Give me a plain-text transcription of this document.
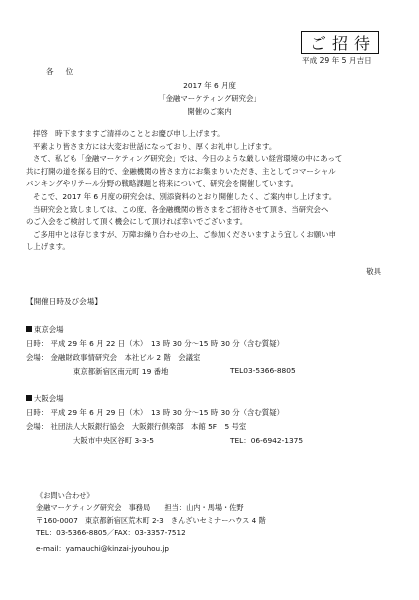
ご招待
平成 29 年 5 月吉日
各位
2017 年 6 月度
「金融マーケティング研究会」
開催のご案内

拝啓　時下ますますご清祥のこととお慶び申し上げます。

平素より皆さま方には大変お世話になっており、厚くお礼申し上げます。

さて、私ども「金融マーケティング研究会」では、今日のような厳しい経営環境の中にあって

共に打開の道を探る目的で、金融機関の皆さま方にお集まりいただき、主としてコマーシャル

バンキングやリテール分野の戦略課題と将来について、研究会を開催しています。

そこで、2017 年 6 月度の研究会は、別添資料のとおり開催したく、ご案内申し上げます。

当研究会と致しましては、この度、各金融機関の皆さまをご招待させて頂き、当研究会へ

のご入会をご検討して頂く機会にして頂ければ幸いでございます。

ご多用中とは存じますが、万障お繰り合わせの上、ご参加くださいますよう宜しくお願い申

し上げます。

敬具
【開催日時及び会場】
東京会場
日時： 平成 29 年 6 月 22 日（木）　13 時 30 分～15 時 30 分（含む質疑）
会場： 金融財政事情研究会　本社ビル 2 階　会議室
東京都新宿区南元町 19 番地	TEL03-5366-8805
大阪会場
日時： 平成 29 年 6 月 29 日（木）　13 時 30 分～15 時 30 分（含む質疑）
会場： 社団法人大阪銀行協会　大阪銀行倶楽部　本館 5F　5 号室
大阪市中央区谷町 3-3-5	TEL：06-6942-1375
《お問い合わせ》
金融マーケティング研究会　事務局　　担当：山内・馬場・佐野
〒160-0007　東京都新宿区荒木町 2-3　きんざいセミナーハウス 4 階
TEL：03-5366-8805／FAX：03-3357-7512
e-mail：yamauchi@kinzai-jyouhou.jp
